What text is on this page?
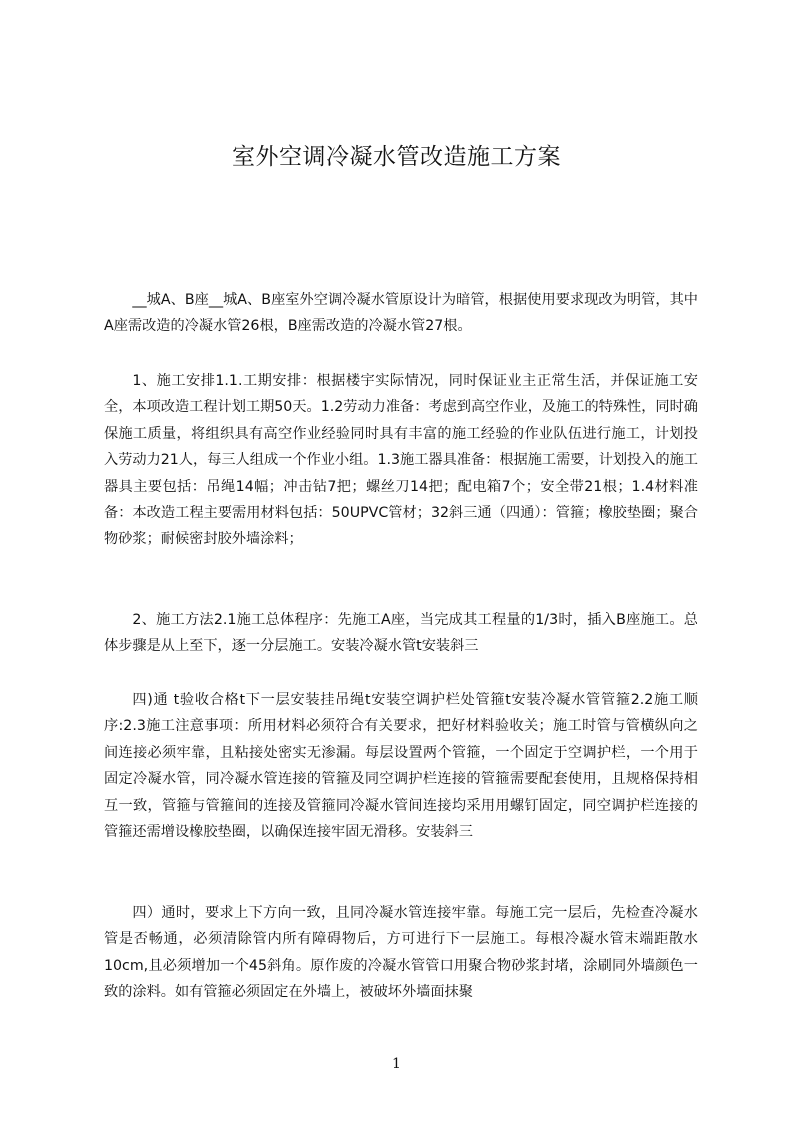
室外空调冷凝水管改造施工方案

__城A、B座__城A、B座室外空调冷凝水管原设计为暗管，根据使用要求现改为明管，其中A座需改造的冷凝水管26根，B座需改造的冷凝水管27根。

1、施工安排1.1.工期安排：根据楼宇实际情况，同时保证业主正常生活，并保证施工安全，本项改造工程计划工期50天。1.2劳动力准备：考虑到高空作业，及施工的特殊性，同时确保施工质量，将组织具有高空作业经验同时具有丰富的施工经验的作业队伍进行施工，计划投入劳动力21人，每三人组成一个作业小组。1.3施工器具准备：根据施工需要，计划投入的施工器具主要包括：吊绳14幅；冲击钻7把；螺丝刀14把；配电箱7个；安全带21根；1.4材料准备：本改造工程主要需用材料包括：50UPVC管材；32斜三通（四通）：管箍；橡胶垫圈；聚合物砂浆；耐候密封胶外墙涂料；

2、施工方法2.1施工总体程序：先施工A座，当完成其工程量的1/3时，插入B座施工。总体步骤是从上至下，逐一分层施工。安装冷凝水管t安装斜三

四)通 t验收合格t下一层安装挂吊绳t安装空调护栏处管箍t安装冷凝水管管箍2.2施工顺序:2.3施工注意事项：所用材料必须符合有关要求，把好材料验收关；施工时管与管横纵向之间连接必须牢靠，且粘接处密实无渗漏。每层设置两个管箍，一个固定于空调护栏，一个用于固定冷凝水管，同冷凝水管连接的管箍及同空调护栏连接的管箍需要配套使用，且规格保持相互一致，管箍与管箍间的连接及管箍同冷凝水管间连接均采用用螺钉固定，同空调护栏连接的管箍还需增设橡胶垫圈，以确保连接牢固无滑移。安装斜三

四）通时，要求上下方向一致，且同冷凝水管连接牢靠。每施工完一层后，先检查冷凝水管是否畅通，必须清除管内所有障碍物后，方可进行下一层施工。每根冷凝水管末端距散水10cm,且必须增加一个45斜角。原作废的冷凝水管管口用聚合物砂浆封堵，涂刷同外墙颜色一致的涂料。如有管箍必须固定在外墙上，被破坏外墙面抹聚

1
